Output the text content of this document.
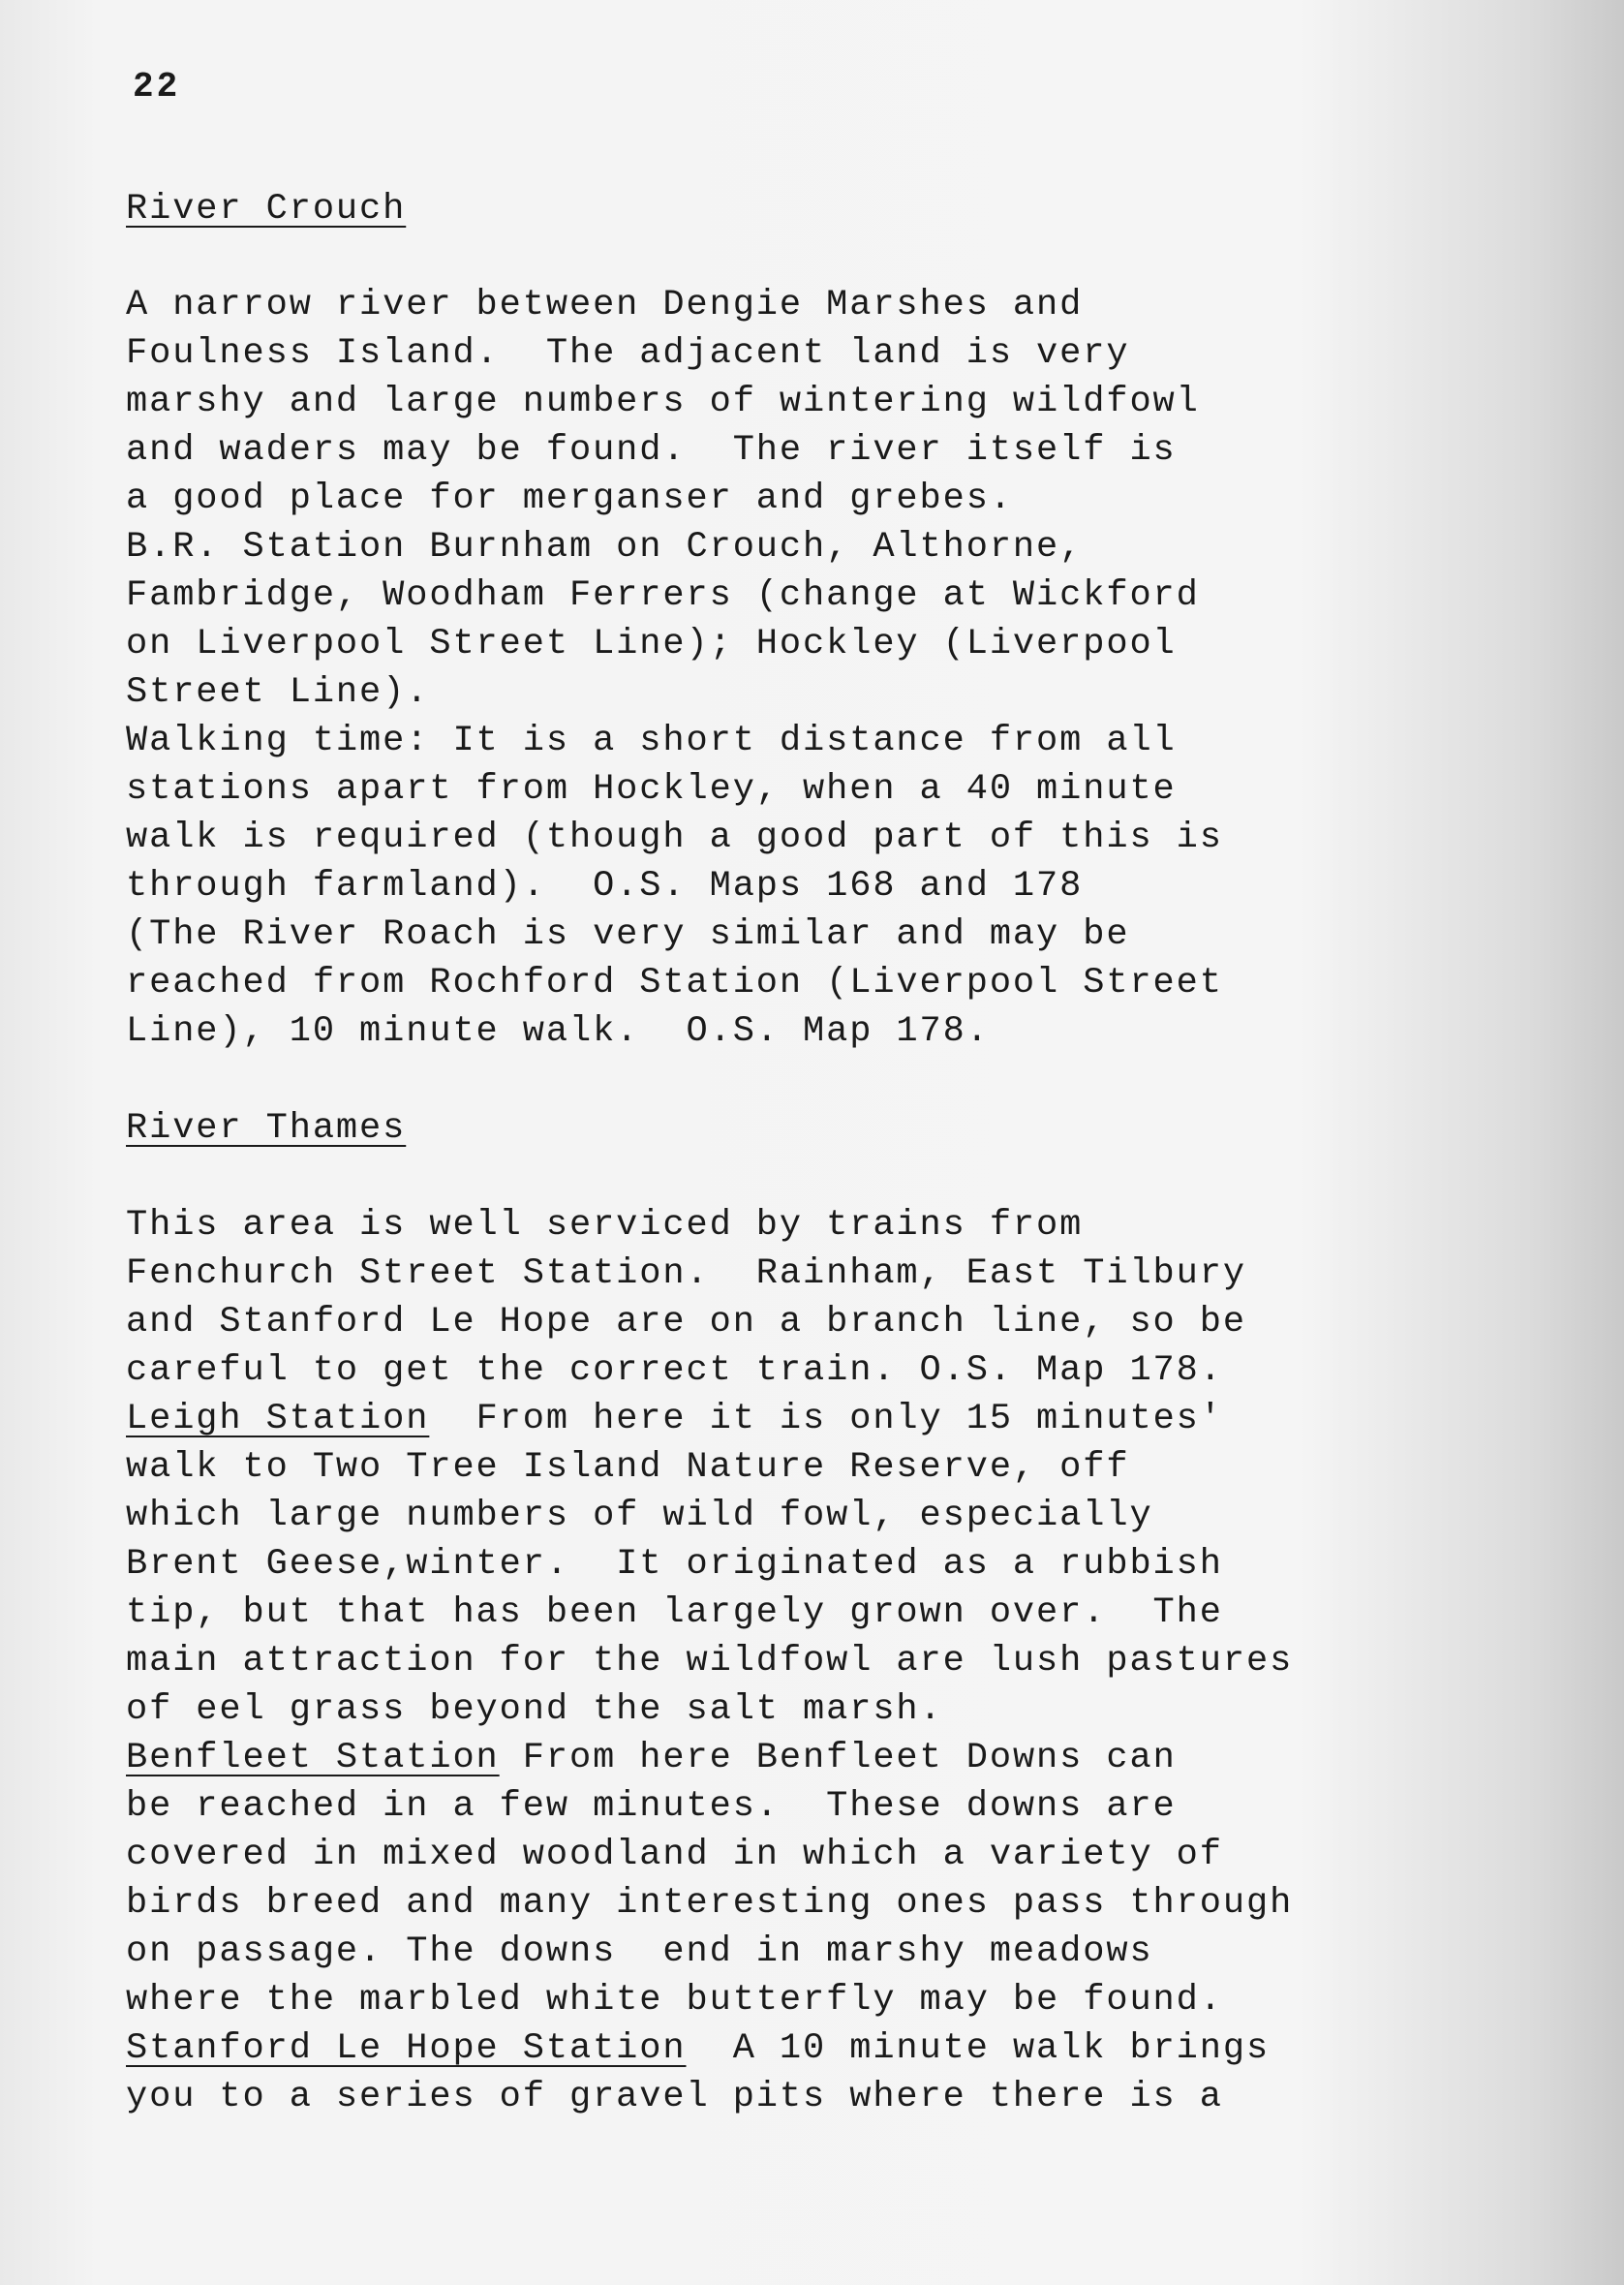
22
River Crouch
A narrow river between Dengie Marshes and
Foulness Island.  The adjacent land is very
marshy and large numbers of wintering wildfowl
and waders may be found.  The river itself is
a good place for merganser and grebes.
B.R. Station Burnham on Crouch, Althorne,
Fambridge, Woodham Ferrers (change at Wickford
on Liverpool Street Line); Hockley (Liverpool
Street Line).
Walking time: It is a short distance from all
stations apart from Hockley, when a 40 minute
walk is required (though a good part of this is
through farmland).  O.S. Maps 168 and 178
(The River Roach is very similar and may be
reached from Rochford Station (Liverpool Street
Line), 10 minute walk.  O.S. Map 178.
River Thames
This area is well serviced by trains from
Fenchurch Street Station.  Rainham, East Tilbury
and Stanford Le Hope are on a branch line, so be
careful to get the correct train. O.S. Map 178.
Leigh Station  From here it is only 15 minutes'
walk to Two Tree Island Nature Reserve, off
which large numbers of wild fowl, especially
Brent Geese,winter.  It originated as a rubbish
tip, but that has been largely grown over.  The
main attraction for the wildfowl are lush pastures
of eel grass beyond the salt marsh.
Benfleet Station From here Benfleet Downs can
be reached in a few minutes.  These downs are
covered in mixed woodland in which a variety of
birds breed and many interesting ones pass through
on passage. The downs  end in marshy meadows
where the marbled white butterfly may be found.
Stanford Le Hope Station  A 10 minute walk brings
you to a series of gravel pits where there is a
